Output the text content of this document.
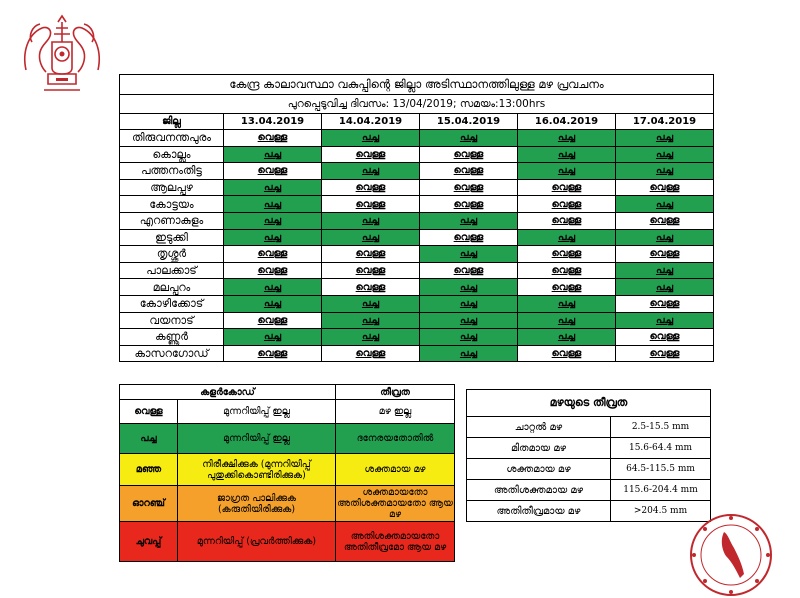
കേന്ദ്ര കാലാവസ്ഥാ വകുപ്പിന്റെ ജില്ലാ അടിസ്ഥാനത്തിലുള്ള മഴ പ്രവചനം					
പുറപ്പെടുവിച്ച ദിവസം: 13/04/2019; സമയം:13:00hrs					
ജില്ല	13.04.2019	14.04.2019	15.04.2019	16.04.2019	17.04.2019
തിരുവനന്തപുരം	വെള്ള	പച്ച	പച്ച	പച്ച	പച്ച
കൊല്ലം	പച്ച	വെള്ള	വെള്ള	പച്ച	പച്ച
പത്തനംതിട്ട	വെള്ള	പച്ച	വെള്ള	പച്ച	പച്ച
ആലപ്പുഴ	പച്ച	വെള്ള	വെള്ള	വെള്ള	വെള്ള
കോട്ടയം	പച്ച	വെള്ള	വെള്ള	വെള്ള	പച്ച
എറണാകുളം	പച്ച	പച്ച	പച്ച	വെള്ള	വെള്ള
ഇടുക്കി	പച്ച	പച്ച	വെള്ള	പച്ച	പച്ച
തൃശ്ശൂർ	വെള്ള	വെള്ള	പച്ച	വെള്ള	വെള്ള
പാലക്കാട്	വെള്ള	വെള്ള	വെള്ള	വെള്ള	പച്ച
മലപ്പുറം	പച്ച	വെള്ള	പച്ച	വെള്ള	പച്ച
കോഴിക്കോട്	പച്ച	പച്ച	പച്ച	പച്ച	വെള്ള
വയനാട്	വെള്ള	പച്ച	പച്ച	പച്ച	പച്ച
കണ്ണൂർ	പച്ച	പച്ച	പച്ച	പച്ച	വെള്ള
കാസറഗോഡ്	വെള്ള	വെള്ള	പച്ച	വെള്ള	വെള്ള
കളർകോഡ്		തീവ്രത
വെള്ള	മുന്നറിയിപ്പ് ഇല്ല	മഴ ഇല്ല
പച്ച	മുന്നറിയിപ്പ് ഇല്ല	ദനേരയതോതിൽ
മഞ്ഞ	നിരീക്ഷിക്കുക (മുന്നറിയിപ്പ് പുതുക്കികൊണ്ടിരിക്കുക)	ശക്തമായ മഴ
ഓറഞ്ച്	ജാഗ്രത പാലിക്കുക (കരുതിയിരിക്കുക)	ശക്തമായതോ അതിശക്തമായതോ ആയ മഴ
ചുവപ്പ്	മുന്നറിയിപ്പ് (പ്രവർത്തിക്കുക)	അതിശക്തമായതോ അതിതീവ്രമോ ആയ മഴ
മഴയുടെ തീവ്രത	
ചാറ്റൽ മഴ	2.5-15.5 mm
മിതമായ മഴ	15.6-64.4 mm
ശക്തമായ മഴ	64.5-115.5 mm
അതിശക്തമായ മഴ	115.6-204.4 mm
അതിതീവ്രമായ മഴ	>204.5 mm
